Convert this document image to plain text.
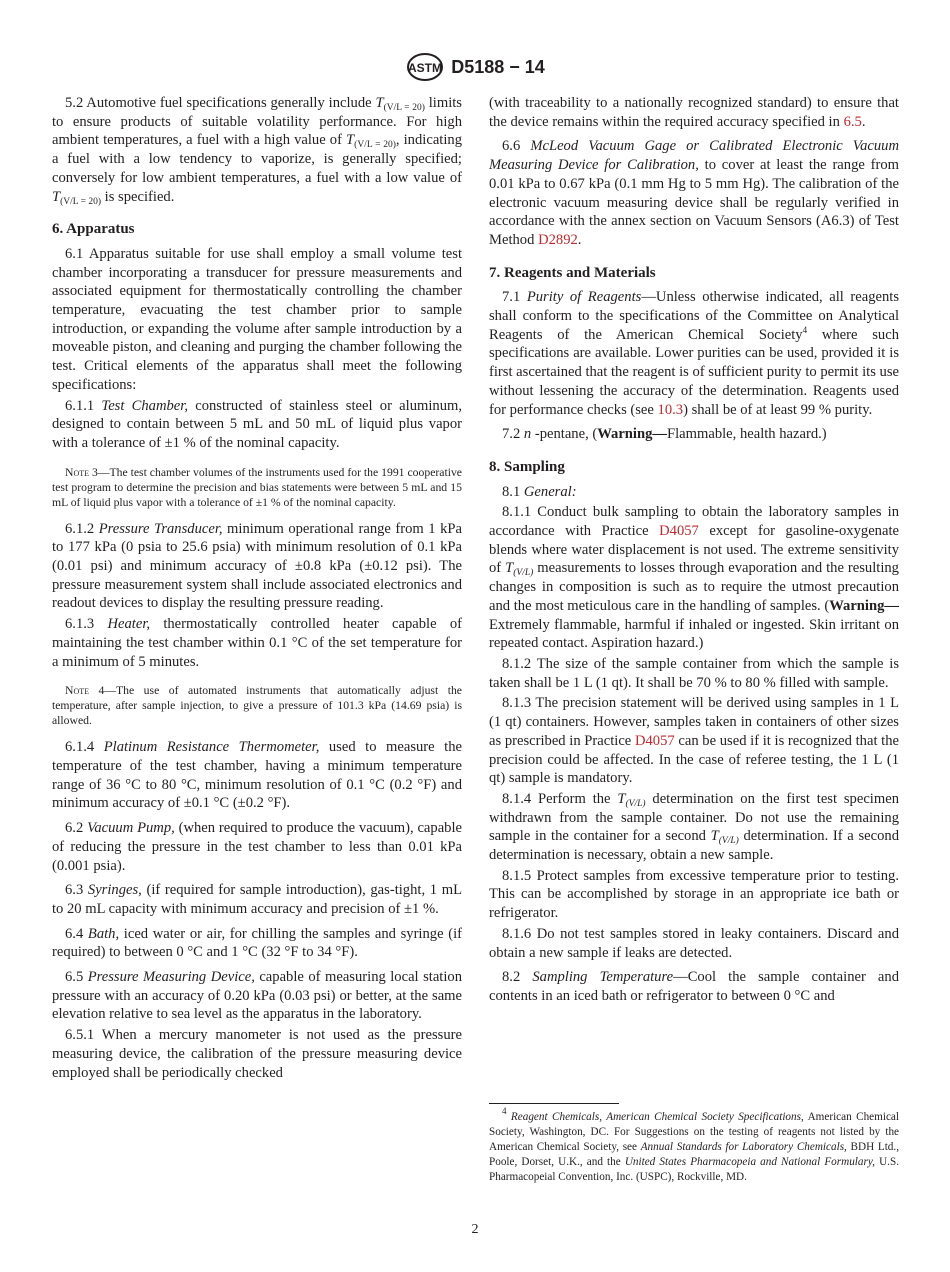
ASTM D5188 − 14
5.2 Automotive fuel specifications generally include $T_{(V/L = 20)}$ limits to ensure products of suitable volatility performance. For high ambient temperatures, a fuel with a high value of $T_{(V/L = 20)}$, indicating a fuel with a low tendency to vaporize, is generally specified; conversely for low ambient temperatures, a fuel with a low value of $T_{(V/L = 20)}$ is specified.
6. Apparatus
6.1 Apparatus suitable for use shall employ a small volume test chamber incorporating a transducer for pressure measurements and associated equipment for thermostatically controlling the chamber temperature, evacuating the test chamber prior to sample introduction, or expanding the volume after sample introduction by a moveable piston, and cleaning and purging the chamber following the test. Critical elements of the apparatus shall meet the following specifications:
6.1.1 Test Chamber, constructed of stainless steel or aluminum, designed to contain between 5 mL and 50 mL of liquid plus vapor with a tolerance of ±1 % of the nominal capacity.
Note 3—The test chamber volumes of the instruments used for the 1991 cooperative test program to determine the precision and bias statements were between 5 mL and 15 mL of liquid plus vapor with a tolerance of ±1 % of the nominal capacity.
6.1.2 Pressure Transducer, minimum operational range from 1 kPa to 177 kPa (0 psia to 25.6 psia) with minimum resolution of 0.1 kPa (0.01 psi) and minimum accuracy of ±0.8 kPa (±0.12 psi). The pressure measurement system shall include associated electronics and readout devices to display the resulting pressure reading.
6.1.3 Heater, thermostatically controlled heater capable of maintaining the test chamber within 0.1 °C of the set temperature for a minimum of 5 minutes.
Note 4—The use of automated instruments that automatically adjust the temperature, after sample injection, to give a pressure of 101.3 kPa (14.69 psia) is allowed.
6.1.4 Platinum Resistance Thermometer, used to measure the temperature of the test chamber, having a minimum temperature range of 36 °C to 80 °C, minimum resolution of 0.1 °C (0.2 °F) and minimum accuracy of ±0.1 °C (±0.2 °F).
6.2 Vacuum Pump, (when required to produce the vacuum), capable of reducing the pressure in the test chamber to less than 0.01 kPa (0.001 psia).
6.3 Syringes, (if required for sample introduction), gas-tight, 1 mL to 20 mL capacity with minimum accuracy and precision of ±1 %.
6.4 Bath, iced water or air, for chilling the samples and syringe (if required) to between 0 °C and 1 °C (32 °F to 34 °F).
6.5 Pressure Measuring Device, capable of measuring local station pressure with an accuracy of 0.20 kPa (0.03 psi) or better, at the same elevation relative to sea level as the apparatus in the laboratory.
6.5.1 When a mercury manometer is not used as the pressure measuring device, the calibration of the pressure measuring device employed shall be periodically checked
(with traceability to a nationally recognized standard) to ensure that the device remains within the required accuracy specified in 6.5.
6.6 McLeod Vacuum Gage or Calibrated Electronic Vacuum Measuring Device for Calibration, to cover at least the range from 0.01 kPa to 0.67 kPa (0.1 mm Hg to 5 mm Hg). The calibration of the electronic vacuum measuring device shall be regularly verified in accordance with the annex section on Vacuum Sensors (A6.3) of Test Method D2892.
7. Reagents and Materials
7.1 Purity of Reagents—Unless otherwise indicated, all reagents shall conform to the specifications of the Committee on Analytical Reagents of the American Chemical Society$^4$ where such specifications are available. Lower purities can be used, provided it is first ascertained that the reagent is of sufficient purity to permit its use without lessening the accuracy of the determination. Reagents used for performance checks (see 10.3) shall be of at least 99 % purity.
7.2 n -pentane, (Warning—Flammable, health hazard.)
8. Sampling
8.1 General:
8.1.1 Conduct bulk sampling to obtain the laboratory samples in accordance with Practice D4057 except for gasoline-oxygenate blends where water displacement is not used. The extreme sensitivity of $T_{(V/L)}$ measurements to losses through evaporation and the resulting changes in composition is such as to require the utmost precaution and the most meticulous care in the handling of samples. (Warning—Extremely flammable, harmful if inhaled or ingested. Skin irritant on repeated contact. Aspiration hazard.)
8.1.2 The size of the sample container from which the sample is taken shall be 1 L (1 qt). It shall be 70 % to 80 % filled with sample.
8.1.3 The precision statement will be derived using samples in 1 L (1 qt) containers. However, samples taken in containers of other sizes as prescribed in Practice D4057 can be used if it is recognized that the precision could be affected. In the case of referee testing, the 1 L (1 qt) sample is mandatory.
8.1.4 Perform the $T_{(V/L)}$ determination on the first test specimen withdrawn from the sample container. Do not use the remaining sample in the container for a second $T_{(V/L)}$ determination. If a second determination is necessary, obtain a new sample.
8.1.5 Protect samples from excessive temperature prior to testing. This can be accomplished by storage in an appropriate ice bath or refrigerator.
8.1.6 Do not test samples stored in leaky containers. Discard and obtain a new sample if leaks are detected.
8.2 Sampling Temperature—Cool the sample container and contents in an iced bath or refrigerator to between 0 °C and
$^4$ Reagent Chemicals, American Chemical Society Specifications, American Chemical Society, Washington, DC. For Suggestions on the testing of reagents not listed by the American Chemical Society, see Annual Standards for Laboratory Chemicals, BDH Ltd., Poole, Dorset, U.K., and the United States Pharmacopeia and National Formulary, U.S. Pharmacopeial Convention, Inc. (USPC), Rockville, MD.
2
